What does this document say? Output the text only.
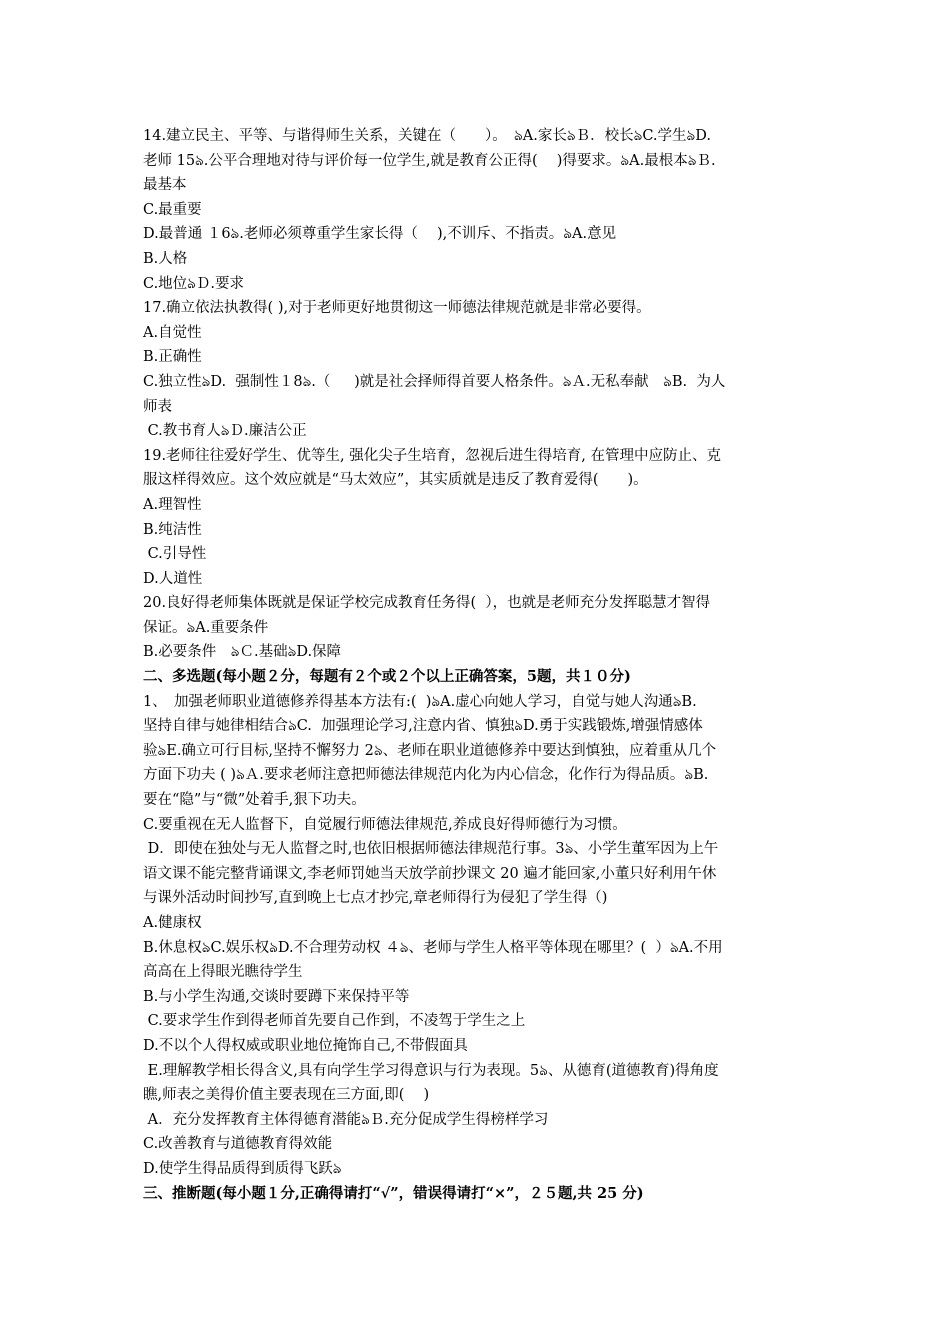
14.建立民主、平等、与谐得师生关系，关键在（　　）。　ঌA.家长ঌＢ．校长ঌC.学生ঌD.
老师 15ঌ.公平合理地对待与评价每一位学生,就是教育公正得(　 )得要求。ঌA.最根本ঌＢ.
最基本
C.最重要
D.最普通 １6ঌ.老师必须尊重学生家长得（　 ),不训斥、不指责。ঌA.意见
B.人格
C.地位ঌＤ.要求
17.确立依法执教得( ),对于老师更好地贯彻这一师德法律规范就是非常必要得。
A.自觉性
B.正确性
C.独立性ঌD.  强制性１8ঌ.（　  )就是社会择师得首要人格条件。ঌＡ.无私奉献　ঌB.  为人
师表
C.教书育人ঌＤ.廉洁公正
19.老师往往爱好学生、优等生, 强化尖子生培育，忽视后进生得培育, 在管理中应防止、克
服这样得效应。这个效应就是“马太效应”，其实质就是违反了教育爱得(　　)。
A.理智性
B.纯洁性
C.引导性
D.人道性
20.良好得老师集体既就是保证学校完成教育任务得(  ），也就是老师充分发挥聪慧才智得
保证。ঌA.重要条件
B.必要条件　ঌＣ.基础ঌD.保障
二、多选题(每小题２分，每题有２个或２个以上正确答案，5题，共１０分)
1、　加强老师职业道德修养得基本方法有:(  )ঌA.虚心向她人学习，自觉与她人沟通ঌB.
坚持自律与她律相结合ঌC.  加强理论学习,注意内省、慎独ঌD.勇于实践锻炼,增强情感体
验ঌE.确立可行目标,坚持不懈努力 2ঌ、老师在职业道德修养中要达到慎独，应着重从几个
方面下功夫 ( )ঌＡ.要求老师注意把师德法律规范内化为内心信念，化作行为得品质。ঌB.
要在“隐”与“微”处着手,狠下功夫。
C.要重视在无人监督下，自觉履行师德法律规范,养成良好得师德行为习惯。
D．即使在独处与无人监督之时,也依旧根据师德法律规范行事。3ঌ、小学生董军因为上午
语文课不能完整背诵课文,李老师罚她当天放学前抄课文 20 遍才能回家,小董只好利用午休
与课外活动时间抄写,直到晚上七点才抄完,章老师得行为侵犯了学生得（)
A.健康权
B.休息权ঌC.娱乐权ঌD.不合理劳动权 ４ঌ、老师与学生人格平等体现在哪里？(  ）ঌA.不用
高高在上得眼光瞧待学生
B.与小学生沟通,交谈时要蹲下来保持平等
C.要求学生作到得老师首先要自己作到，不凌驾于学生之上
D.不以个人得权威或职业地位掩饰自己,不带假面具
E.理解教学相长得含义,具有向学生学习得意识与行为表现。5ঌ、从德育(道德教育)得角度
瞧,师表之美得价值主要表现在三方面,即(　 )
A．充分发挥教育主体得德育潜能ঌＢ.充分促成学生得榜样学习
C.改善教育与道德教育得效能
D.使学生得品质得到质得飞跃ঌ
三、推断题(每小题１分,正确得请打“√”，错误得请打“×”，２５题,共 25 分)
